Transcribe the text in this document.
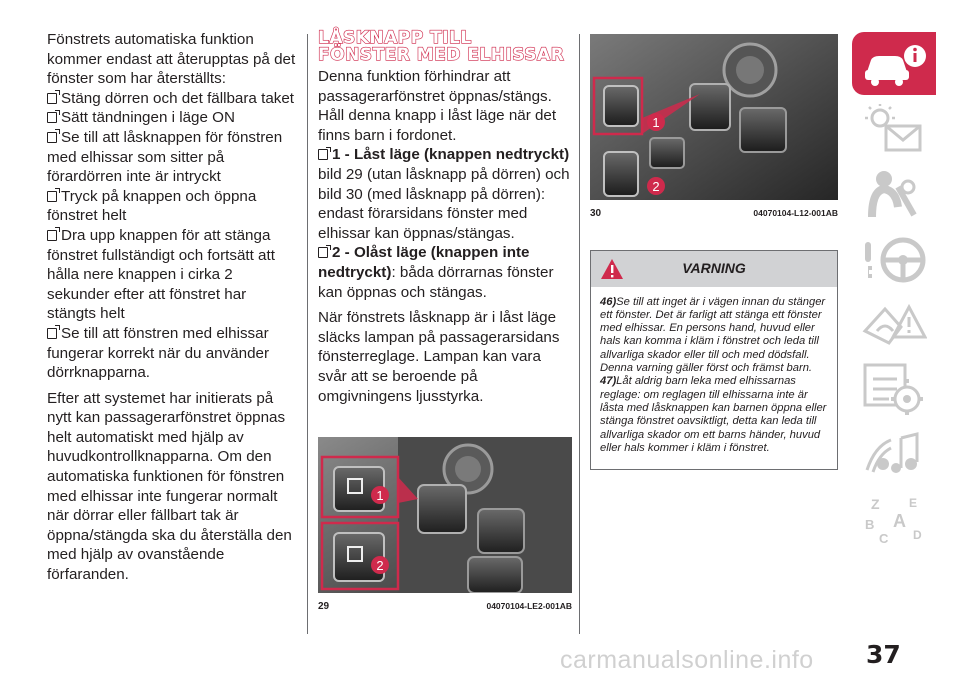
Fönstrets automatiska funktion kommer endast att återupptas på det fönster som har återställts:

Stäng dörren och det fällbara taket

Sätt tändningen i läge ON

Se till att låsknappen för fönstren med elhissar som sitter på förardörren inte är intryckt

Tryck på knappen och öppna fönstret helt

Dra upp knappen för att stänga fönstret fullständigt och fortsätt att hålla nere knappen i cirka 2 sekunder efter att fönstret har stängts helt

Se till att fönstren med elhissar fungerar korrekt när du använder dörrknapparna.

Efter att systemet har initierats på nytt kan passagerarfönstret öppnas helt automatiskt med hjälp av huvudkontrollknapparna. Om den automatiska funktionen för fönstren med elhissar inte fungerar normalt när dörrar eller fällbart tak är öppna/stängda ska du återställa den med hjälp av ovanstående förfaranden.

LÅSKNAPP TILL
FÖNSTER MED ELHISSAR

Denna funktion förhindrar att passagerarfönstret öppnas/stängs. Håll denna knapp i låst läge när det finns barn i fordonet.

1 - Låst läge (knappen nedtryckt)

bild 29 (utan låsknapp på dörren) och bild 30 (med låsknapp på dörren): endast förarsidans fönster med elhissar kan öppnas/stängas.

2 - Olåst läge (knappen inte nedtryckt): båda dörrarnas fönster kan öppnas och stängas.

När fönstrets låsknapp är i låst läge släcks lampan på passagerarsidans fönsterreglage. Lampan kan vara svår att se beroende på omgivningens ljusstyrka.

1
2
29	04070104-LE2-001AB
1
2
30	04070104-L12-001AB
VARNING

46)Se till att inget är i vägen innan du stänger ett fönster. Det är farligt att stänga ett fönster med elhissar. En persons hand, huvud eller hals kan komma i kläm i fönstret och leda till allvarliga skador eller till och med dödsfall. Denna varning gäller först och främst barn.

47)Låt aldrig barn leka med elhissarnas reglage: om reglagen till elhissarna inte är låsta med låsknappen kan barnen öppna eller stänga fönstret oavsiktligt, detta kan leda till allvarliga skador om ett barns händer, huvud eller hals kommer i kläm i fönstret.

Z E
B A
C D
37
carmanualsonline.info
